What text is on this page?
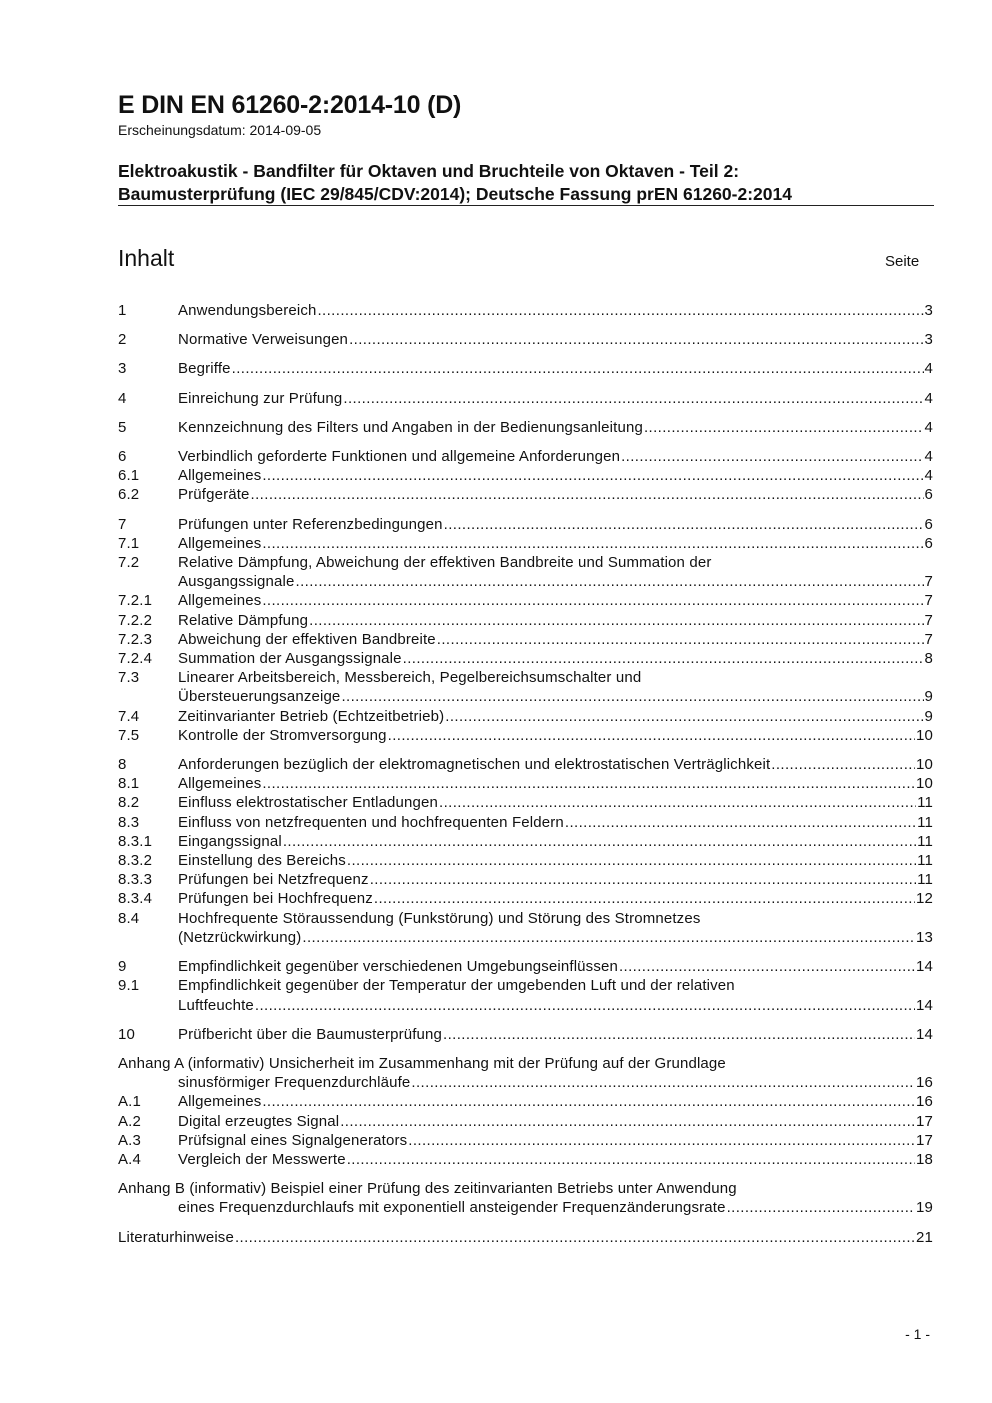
E DIN EN 61260-2:2014-10 (D)
Erscheinungsdatum: 2014-09-05
Elektroakustik - Bandfilter für Oktaven und Bruchteile von Oktaven - Teil 2:
Baumusterprüfung (IEC 29/845/CDV:2014); Deutsche Fassung prEN 61260-2:2014
Inhalt	Seite
1	Anwendungsbereich .....	3
2	Normative Verweisungen .....	3
3	Begriffe .....	4
4	Einreichung zur Prüfung .....	4
5	Kennzeichnung des Filters und Angaben in der Bedienungsanleitung .....	4
6	Verbindlich geforderte Funktionen und allgemeine Anforderungen .....	4
6.1	Allgemeines .....	4
6.2	Prüfgeräte .....	6
7	Prüfungen unter Referenzbedingungen .....	6
7.1	Allgemeines .....	6
7.2	Relative Dämpfung, Abweichung der effektiven Bandbreite und Summation der
Ausgangssignale .....	7
7.2.1 Allgemeines .....	7
7.2.2 Relative Dämpfung .....	7
7.2.3 Abweichung der effektiven Bandbreite .....	7
7.2.4 Summation der Ausgangssignale .....	8
7.3	Linearer Arbeitsbereich, Messbereich, Pegelbereichsumschalter und
Übersteuerungsanzeige .....	9
7.4	Zeitinvarianter Betrieb (Echtzeitbetrieb) .....	9
7.5	Kontrolle der Stromversorgung .....	10
8	Anforderungen bezüglich der elektromagnetischen und elektrostatischen Verträglichkeit .....	10
8.1	Allgemeines .....	10
8.2	Einfluss elektrostatischer Entladungen .....	11
8.3	Einfluss von netzfrequenten und hochfrequenten Feldern .....	11
8.3.1 Eingangssignal .....	11
8.3.2 Einstellung des Bereichs .....	11
8.3.3 Prüfungen bei Netzfrequenz .....	11
8.3.4 Prüfungen bei Hochfrequenz .....	12
8.4	Hochfrequente Störaussendung (Funkstörung) und Störung des Stromnetzes
(Netzrückwirkung) .....	13
9	Empfindlichkeit gegenüber verschiedenen Umgebungseinflüssen .....	14
9.1	Empfindlichkeit gegenüber der Temperatur der umgebenden Luft und der relativen
Luftfeuchte .....	14
10	Prüfbericht über die Baumusterprüfung .....	14
Anhang A (informativ) Unsicherheit im Zusammenhang mit der Prüfung auf der Grundlage
sinusförmiger Frequenzdurchläufe .....	16
A.1 Allgemeines .....	16
A.2 Digital erzeugtes Signal .....	17
A.3 Prüfsignal eines Signalgenerators .....	17
A.4 Vergleich der Messwerte .....	18
Anhang B (informativ) Beispiel einer Prüfung des zeitinvarianten Betriebs unter Anwendung
eines Frequenzdurchlaufs mit exponentiell ansteigender Frequenzänderungsrate .....	19
Literaturhinweise .....	21
- 1 -
